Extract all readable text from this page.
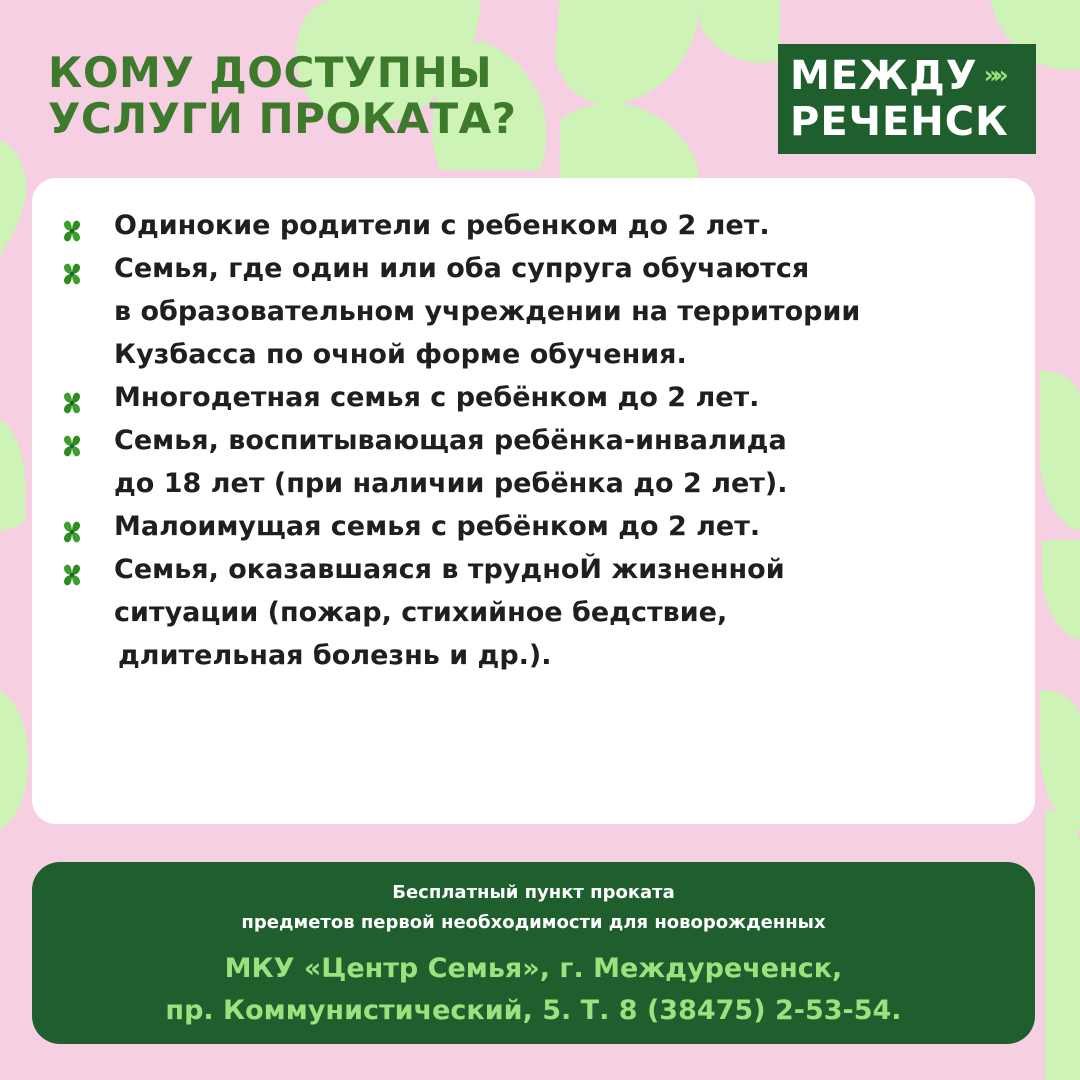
КОМУ ДОСТУПНЫ
УСЛУГИ ПРОКАТА?
МЕЖДУ »»
РЕЧЕНСК
Одинокие родители с ребенком до 2 лет.
Семья, где один или оба супруга обучаются
в образовательном учреждении на территории
Кузбасса по очной форме обучения.
Многодетная семья с ребёнком до 2 лет.
Семья, воспитывающая ребёнка-инвалида
до 18 лет (при наличии ребёнка до 2 лет).
Малоимущая семья с ребёнком до 2 лет.
Семья, оказавшаяся в трудноЙ жизненной
ситуации (пожар, стихийное бедствие,
длительная болезнь и др.).
Бесплатный пункт проката
предметов первой необходимости для новорожденных
МКУ «Центр Семья», г. Междуреченск,
пр. Коммунистический, 5. Т. 8 (38475) 2-53-54.
